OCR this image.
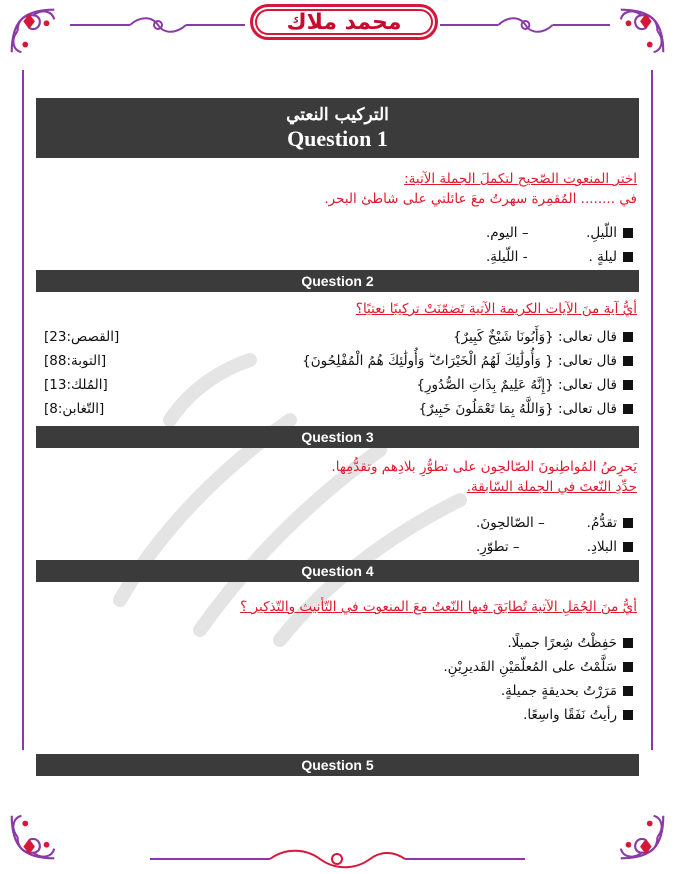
محمد ملاك
التركيب النعتي
Question 1
اختر المنعوت الصّحيح لتكملَ الجملة الآتية:
في ........ المُقمِرة سهرتُ معَ عائلتي على شاطئ البحر.
اللّيلِ.
– اليوم.
ليلةٍ .
- اللّيلةِ.
Question 2
أيُّ آية منَ الآيات الكريمة الآتية تَضمّنَتْ تركيبًا نعتيًا؟
قال تعالى: {وَأَبُونَا شَيْخٌ كَبِيرٌ}
[القصص:23]
قال تعالى: { وَأُولَٰئِكَ لَهُمُ الْخَيْرَاتُ ۖ وَأُولَٰئِكَ هُمُ الْمُفْلِحُونَ}
[التوبة:88]
قال تعالى: {إِنَّهُ عَلِيمٌ بِذَاتِ الصُّدُورِ}
[المُلك:13]
قال تعالى: {وَاللَّهُ بِمَا تَعْمَلُونَ خَبِيرٌ}
[التّغابن:8]
Question 3
يَحرِصُ المُواطِنونَ الصّالحِون على تطوُّرِ بلادِهم وتقدُّمِها.
حدِّدِ النّعتَ في الجملة السّابقة.
تقدُّمُ.
– الصّالحِونَ.
البلادِ.
– تطوّرِ.
Question 4
أيُّ منَ الجُمَلِ الآتية تُطابَقَ فيها النّعتُ معَ المنعوت في التّأنيث والتّذكير ؟
حَفِظْتُ شِعرًا جميلًا.
سَلَّمْتُ على المُعلّمَيْنِ القَديرِيْنِ.
مَرَرْتُ بحديقةٍ جميلةٍ.
رأيتُ نَفَقًا واسِعًا.
Question 5
